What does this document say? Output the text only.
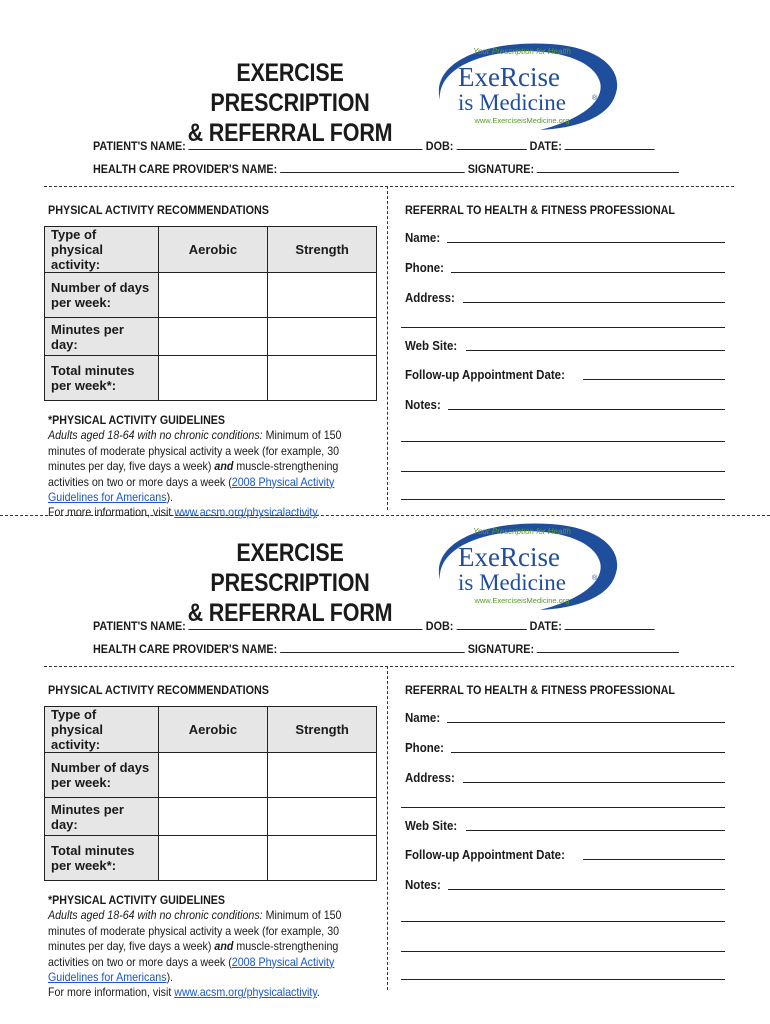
EXERCISE PRESCRIPTION
& REFERRAL FORM
Your Prescription for Health
ExeRcise
is Medicine	®
www.ExerciseisMedicine.org
PATIENT'S NAME:	DOB:	DATE:
HEALTH CARE PROVIDER'S NAME:	SIGNATURE:
PHYSICAL ACTIVITY RECOMMENDATIONS
Type of physical activity:	Aerobic	Strength
Number of days per week:		
Minutes per day:		
Total minutes per week*:		
*PHYSICAL ACTIVITY GUIDELINES
Adults aged 18-64 with no chronic conditions: Minimum of 150 minutes of moderate physical activity a week (for example, 30 minutes per day, five days a week) and muscle-strengthening activities on two or more days a week (2008 Physical Activity Guidelines for Americans).
For more information, visit www.acsm.org/physicalactivity.
REFERRAL TO HEALTH & FITNESS PROFESSIONAL
Name:
Phone:
Address:
Web Site:
Follow-up Appointment Date:
Notes:
EXERCISE PRESCRIPTION
& REFERRAL FORM
Your Prescription for Health
ExeRcise
is Medicine	®
www.ExerciseisMedicine.org
PATIENT'S NAME:	DOB:	DATE:
HEALTH CARE PROVIDER'S NAME:	SIGNATURE:
PHYSICAL ACTIVITY RECOMMENDATIONS
Type of physical activity:	Aerobic	Strength
Number of days per week:		
Minutes per day:		
Total minutes per week*:		
*PHYSICAL ACTIVITY GUIDELINES
Adults aged 18-64 with no chronic conditions: Minimum of 150 minutes of moderate physical activity a week (for example, 30 minutes per day, five days a week) and muscle-strengthening activities on two or more days a week (2008 Physical Activity Guidelines for Americans).
For more information, visit www.acsm.org/physicalactivity.
REFERRAL TO HEALTH & FITNESS PROFESSIONAL
Name:
Phone:
Address:
Web Site:
Follow-up Appointment Date:
Notes:
